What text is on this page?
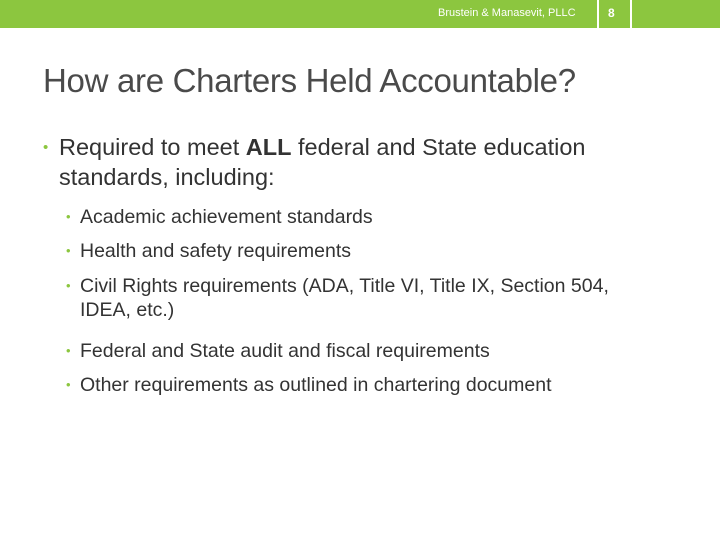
Brustein & Manasevit, PLLC	8
How are Charters Held Accountable?
• Required to meet ALL federal and State education standards, including:
• Academic achievement standards
• Health and safety requirements
• Civil Rights requirements (ADA, Title VI, Title IX, Section 504, IDEA, etc.)
• Federal and State audit and fiscal requirements
• Other requirements as outlined in chartering document
